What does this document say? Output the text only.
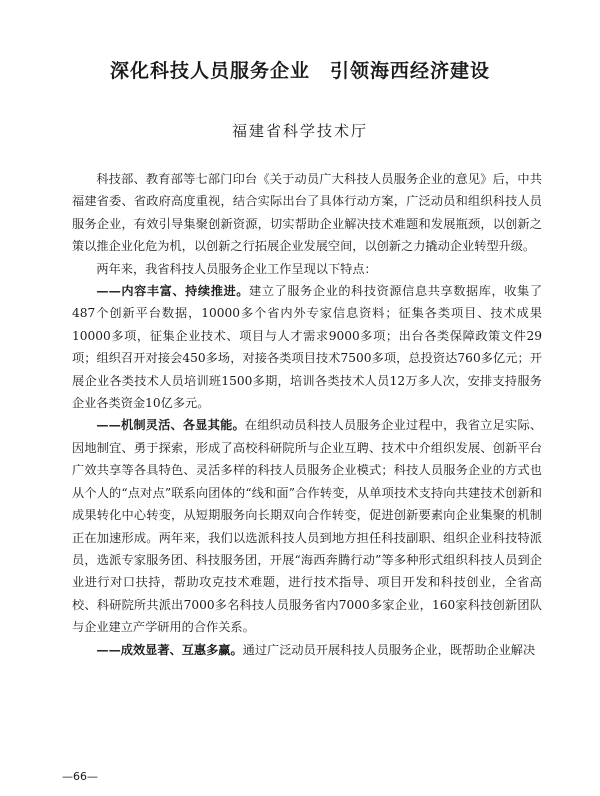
深化科技人员服务企业　引领海西经济建设
福建省科学技术厅

科技部、教育部等七部门印台《关于动员广大科技人员服务企业的意见》后，中共福建省委、省政府高度重视，结合实际出台了具体行动方案，广泛动员和组织科技人员服务企业，有效引导集聚创新资源，切实帮助企业解决技术难题和发展瓶颈，以创新之策以推企业化危为机，以创新之行拓展企业发展空间，以创新之力撬动企业转型升级。

两年来，我省科技人员服务企业工作呈现以下特点：

——内容丰富、持续推进。建立了服务企业的科技资源信息共享数据库，收集了487个创新平台数据，10000多个省内外专家信息资料；征集各类项目、技术成果10000多项，征集企业技术、项目与人才需求9000多项；出台各类保障政策文件29项；组织召开对接会450多场，对接各类项目技术7500多项，总投资达760多亿元；开展企业各类技术人员培训班1500多期，培训各类技术人员12万多人次，安排支持服务企业各类资金10亿多元。

——机制灵活、各显其能。在组织动员科技人员服务企业过程中，我省立足实际、因地制宜、勇于探索，形成了高校科研院所与企业互聘、技术中介组织发展、创新平台广效共享等各具特色、灵活多样的科技人员服务企业模式；科技人员服务企业的方式也从个人的“点对点”联系向团体的“线和面”合作转变，从单项技术支持向共建技术创新和成果转化中心转变，从短期服务向长期双向合作转变，促进创新要素向企业集聚的机制正在加速形成。两年来，我们以选派科技人员到地方担任科技副职、组织企业科技特派员，选派专家服务团、科技服务团，开展“海西奔腾行动”等多种形式组织科技人员到企业进行对口扶持，帮助攻克技术难题，进行技术指导、项目开发和科技创业，全省高校、科研院所共派出7000多名科技人员服务省内7000多家企业，160家科技创新团队与企业建立产学研用的合作关系。

——成效显著、互惠多赢。通过广泛动员开展科技人员服务企业，既帮助企业解决

—66—
